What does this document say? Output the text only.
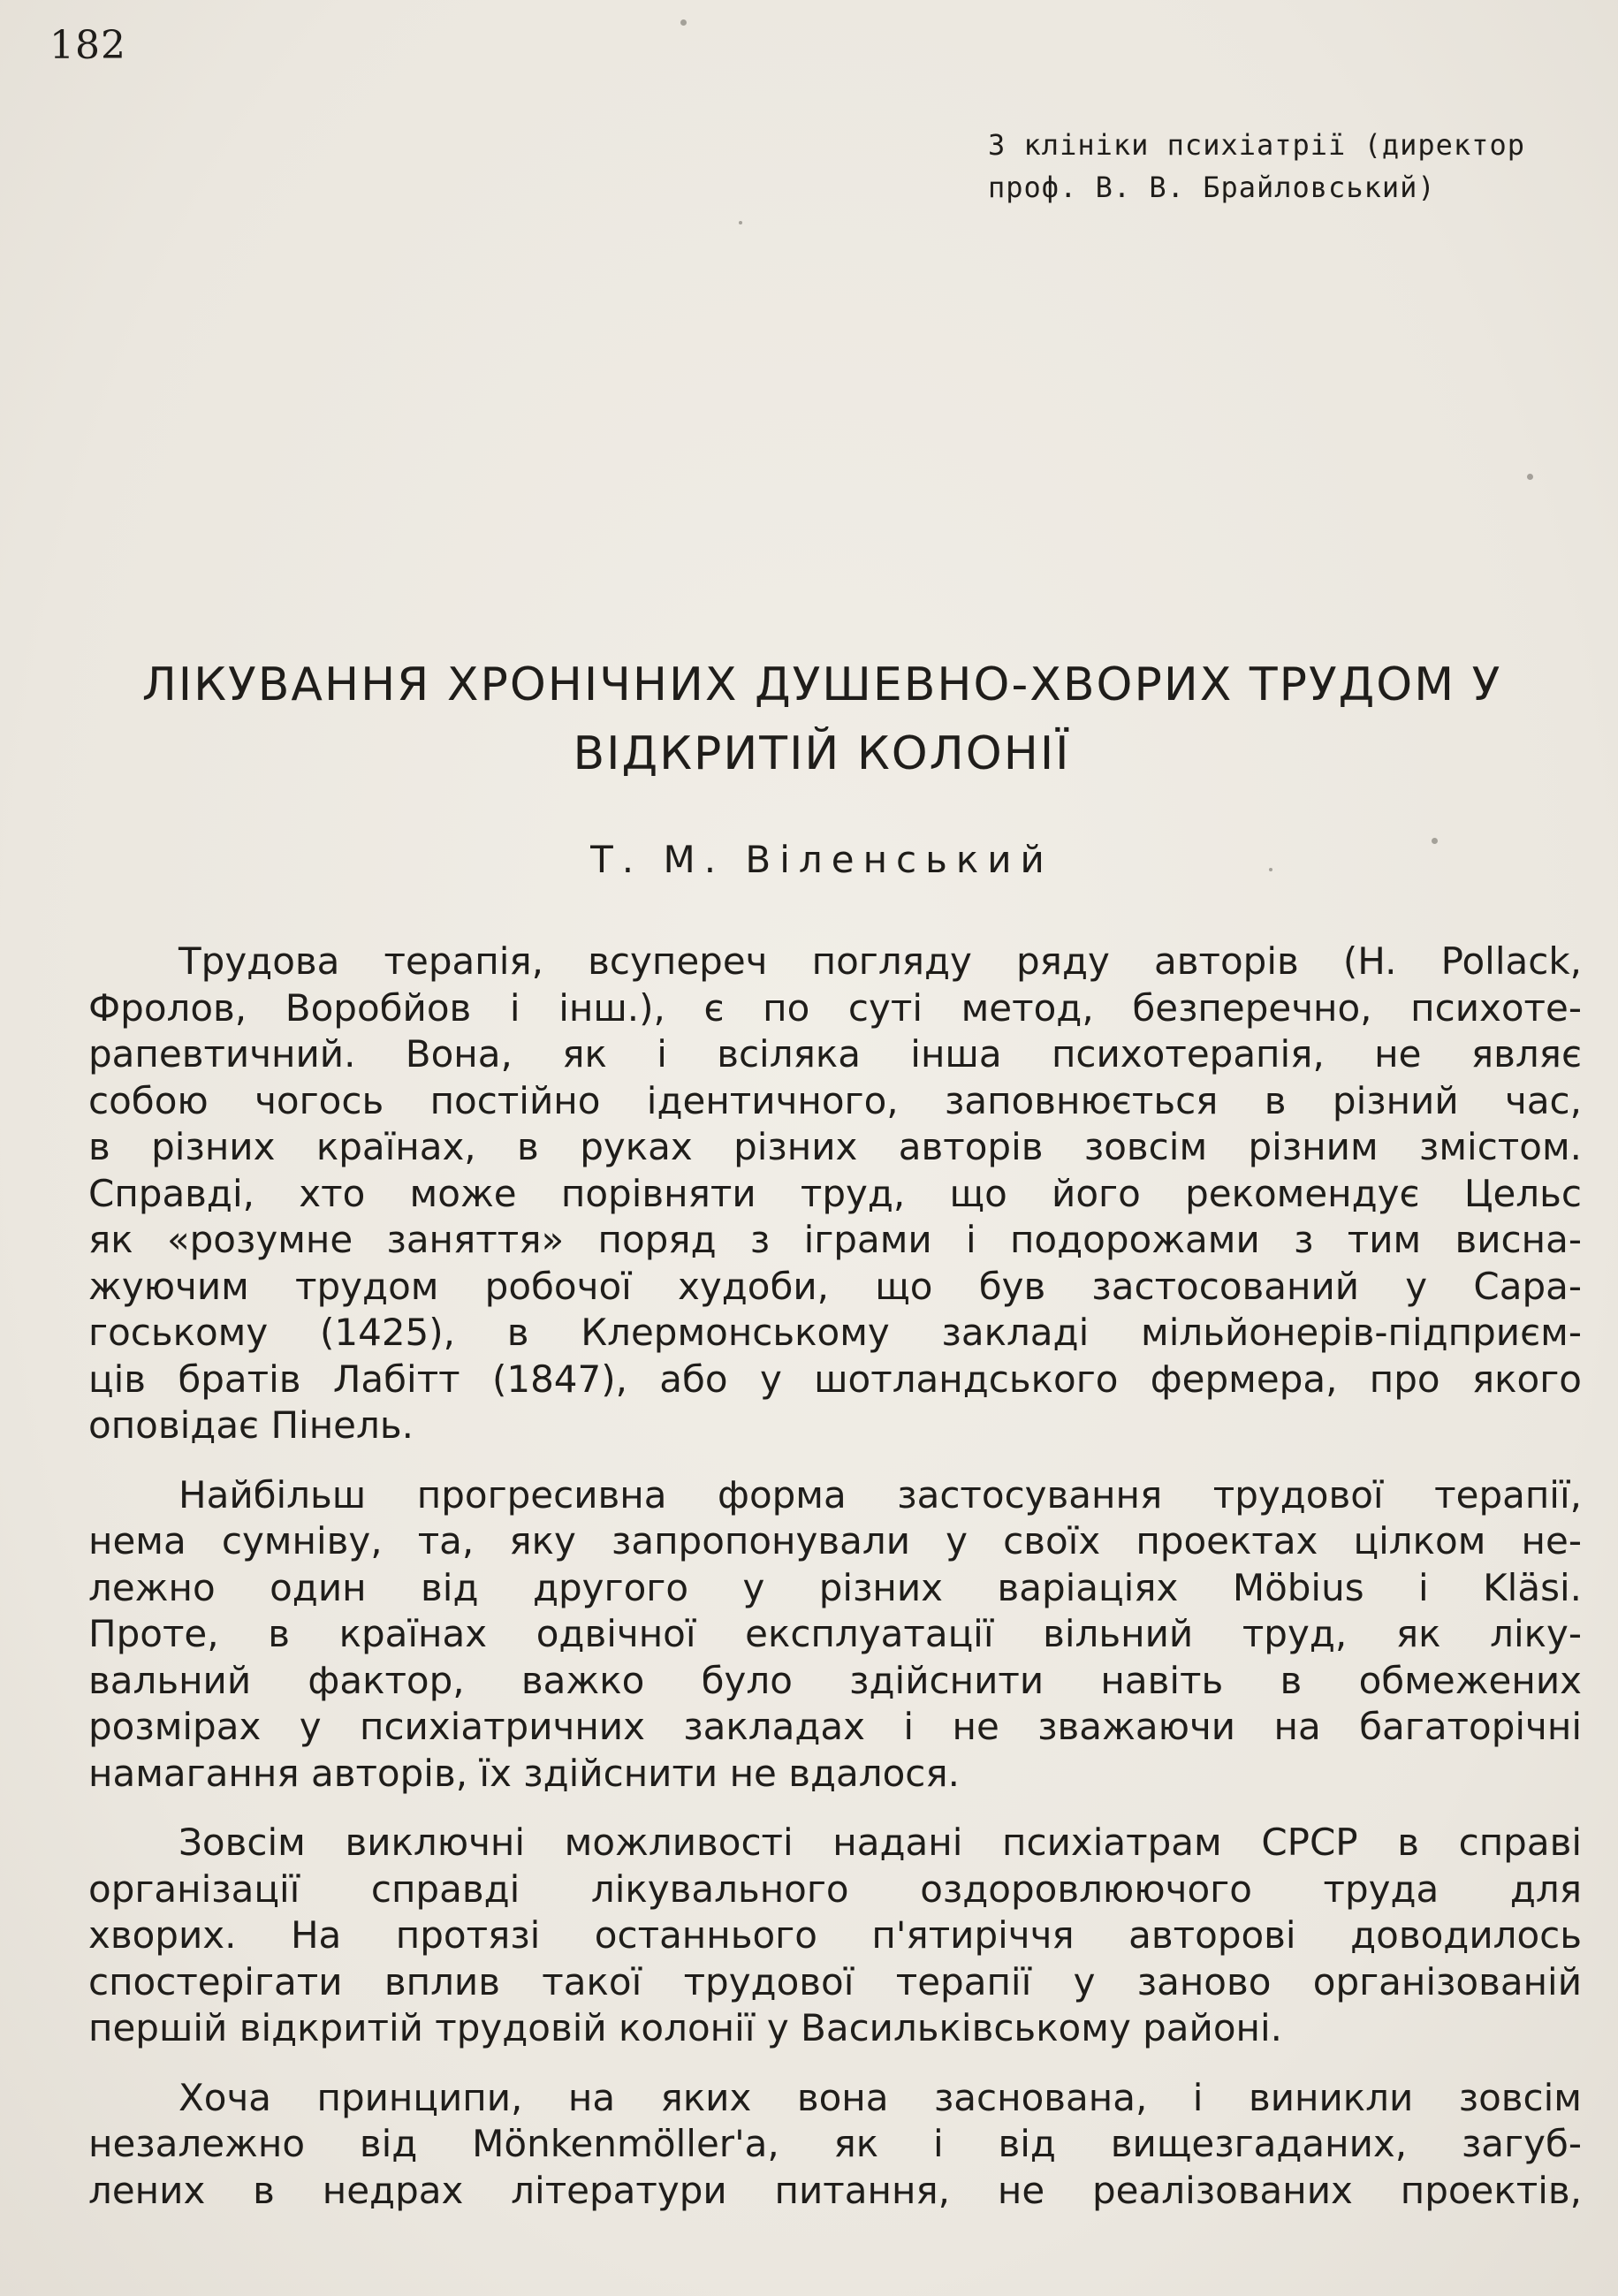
182
З клініки психіатрії (директор
проф. В. В. Брайловський)
ЛІКУВАННЯ ХРОНІЧНИХ ДУШЕВНО-ХВОРИХ ТРУДОМ У
ВІДКРИТІЙ КОЛОНІЇ
Т. М. Віленський
Трудова терапія, всупереч погляду ряду авторів (H. Pollack,
Фролов, Воробйов і інш.), є по суті метод, безперечно, психоте-
рапевтичний. Вона, як і всіляка інша психотерапія, не являє
собою чогось постійно ідентичного, заповнюється в різний час,
в різних країнах, в руках різних авторів зовсім різним змістом.
Справді, хто може порівняти труд, що його рекомендує Цельс
як «розумне заняття» поряд з іграми і подорожами з тим висна-
жуючим трудом робочої худоби, що був застосований у Сара-
гоському (1425), в Клермонському закладі мільйонерів-підприєм-
ців братів Лабітт (1847), або у шотландського фермера, про якого
оповідає Пінель.
Найбільш прогресивна форма застосування трудової терапії,
нема сумніву, та, яку запропонували у своїх проектах цілком не-
лежно один від другого у різних варіаціях Möbius і Kläsi.
Проте, в країнах одвічної експлуатації вільний труд, як ліку-
вальний фактор, важко було здійснити навіть в обмежених
розмірах у психіатричних закладах і не зважаючи на багаторічні
намагання авторів, їх здійснити не вдалося.
Зовсім виключні можливості надані психіатрам СРСР в справі
організації справді лікувального оздоровлюючого труда для
хворих. На протязі останнього п'ятиріччя авторові доводилось
спостерігати вплив такої трудової терапії у заново організованій
першій відкритій трудовій колонії у Васильківському районі.
Хоча принципи, на яких вона заснована, і виникли зовсім
незалежно від Mönkenmöller'а, як і від вищезгаданих, загуб-
лених в недрах літератури питання, не реалізованих проектів,
